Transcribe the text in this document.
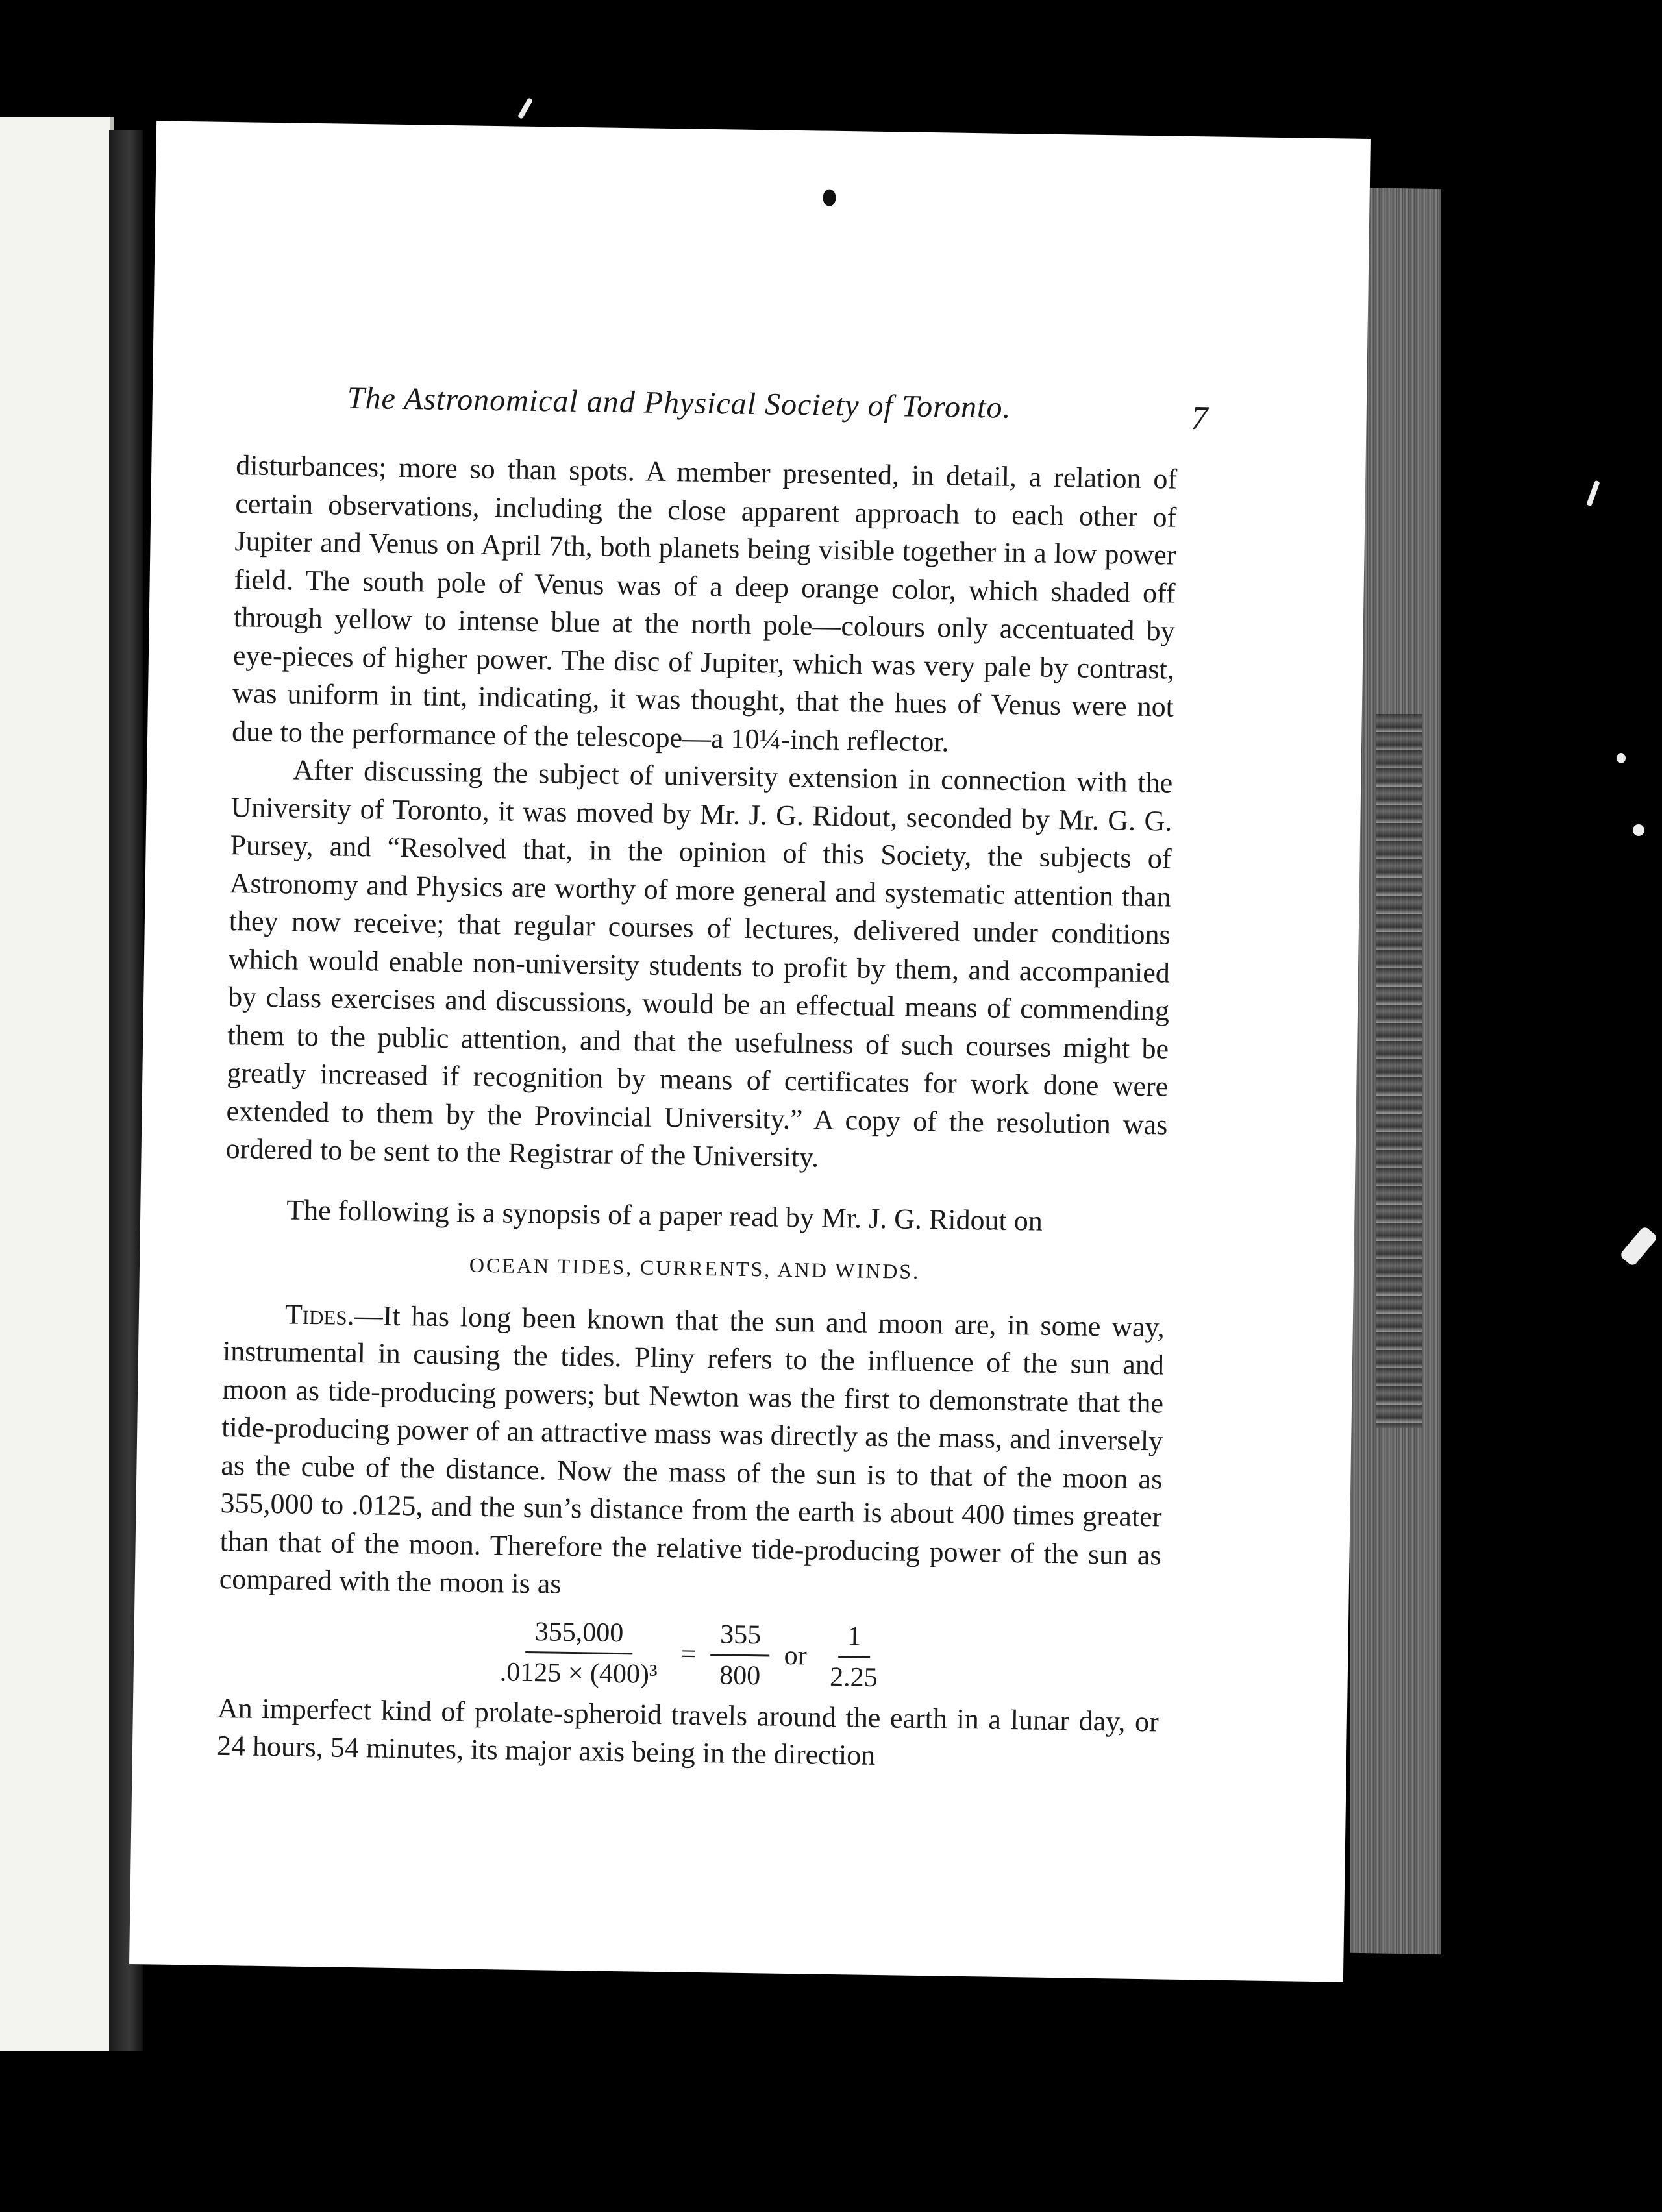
The Astronomical and Physical Society of Toronto.	7

disturbances; more so than spots. A member presented, in detail, a relation of certain observations, including the close apparent approach to each other of Jupiter and Venus on April 7th, both planets being visible together in a low power field. The south pole of Venus was of a deep orange color, which shaded off through yellow to intense blue at the north pole—colours only accentuated by eye-pieces of higher power. The disc of Jupiter, which was very pale by contrast, was uniform in tint, indicating, it was thought, that the hues of Venus were not due to the performance of the telescope—a 10¼-inch reflector.

After discussing the subject of university extension in connection with the University of Toronto, it was moved by Mr. J. G. Ridout, seconded by Mr. G. G. Pursey, and “Resolved that, in the opinion of this Society, the subjects of Astronomy and Physics are worthy of more general and systematic attention than they now receive; that regular courses of lectures, delivered under conditions which would enable non-university students to profit by them, and accompanied by class exercises and discussions, would be an effectual means of commending them to the public attention, and that the usefulness of such courses might be greatly increased if recognition by means of certificates for work done were extended to them by the Provincial University.” A copy of the resolution was ordered to be sent to the Registrar of the University.

The following is a synopsis of a paper read by Mr. J. G. Ridout on

OCEAN TIDES, CURRENTS, AND WINDS.

Tides.—It has long been known that the sun and moon are, in some way, instrumental in causing the tides. Pliny refers to the influence of the sun and moon as tide-producing powers; but Newton was the first to demonstrate that the tide-producing power of an attractive mass was directly as the mass, and inversely as the cube of the distance. Now the mass of the sun is to that of the moon as 355,000 to .0125, and the sun’s distance from the earth is about 400 times greater than that of the moon. Therefore the relative tide-producing power of the sun as compared with the moon is as

$\frac{355,000}{\text{.0125 × (400)³}} = \frac{355}{800}$ or $\frac{1}{2.25}$

An imperfect kind of prolate-spheroid travels around the earth in a lunar day, or 24 hours, 54 minutes, its major axis being in the direction
